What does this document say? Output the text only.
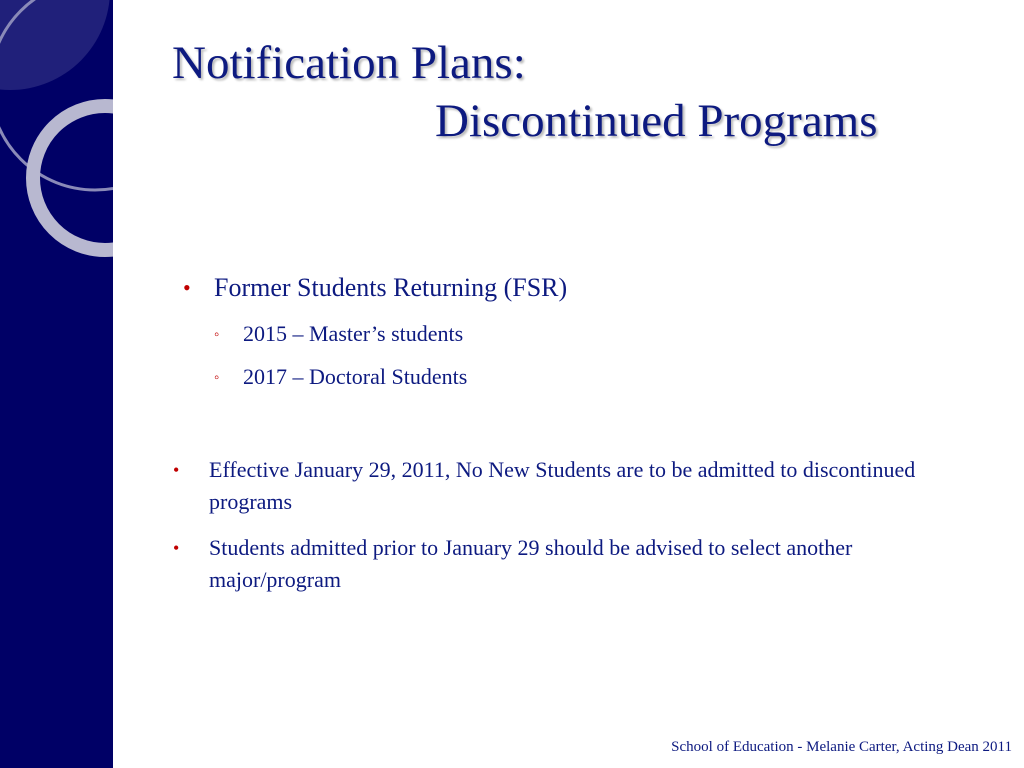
Notification Plans:
Discontinued Programs
• Former Students Returning (FSR)
◦ 2015 – Master’s students
◦ 2017 – Doctoral Students
•	Effective January 29, 2011, No New Students are to be admitted to discontinued programs
•	Students admitted prior to January 29 should be advised to select another major/program
School of Education - Melanie Carter, Acting Dean 2011
